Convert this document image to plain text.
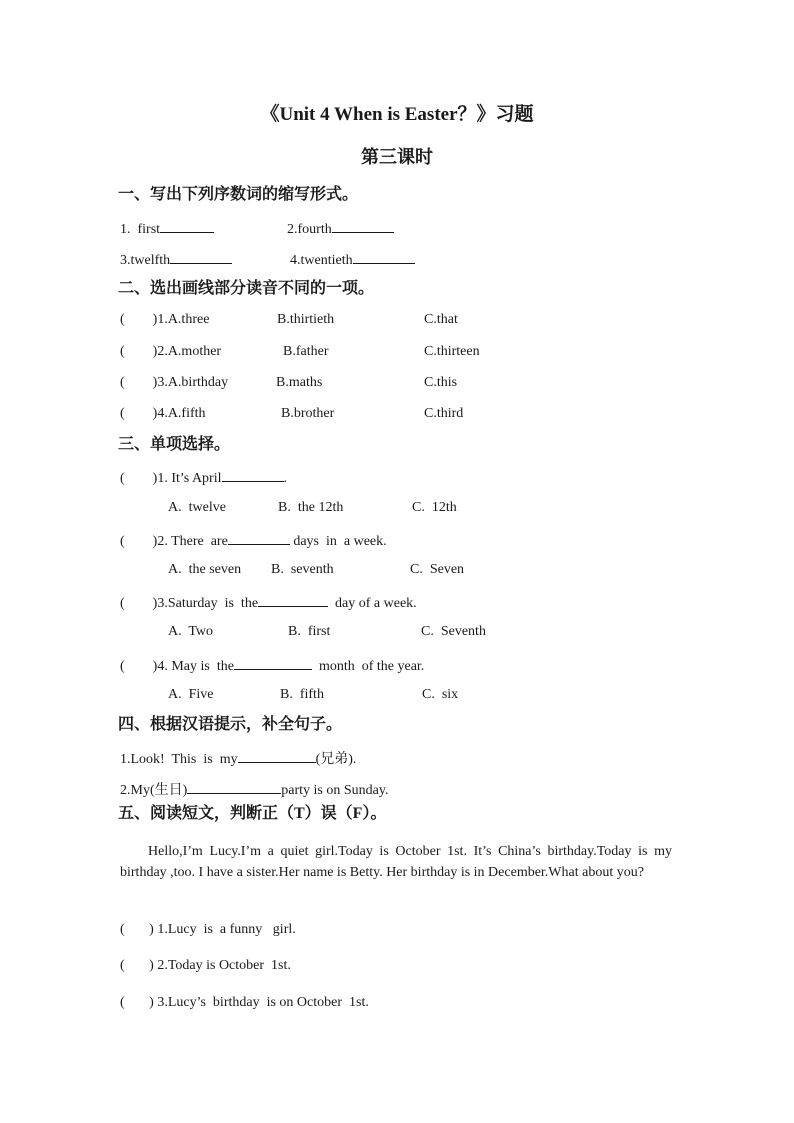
《Unit 4 When is Easter？》习题
第三课时
一、写出下列序数词的缩写形式。
1.  first	2.fourth
3.twelfth	4.twentieth
二、选出画线部分读音不同的一项。
(        )1.A.three	B.thirtieth	C.that
(        )2.A.mother	B.father	C.thirteen
(        )3.A.birthday	B.maths	C.this
(        )4.A.fifth	B.brother	C.third
三、单项选择。
(        )1. It’s April	.
A.  twelve	B.  the 12th	C.  12th
(        )2. There  are	days  in  a week.
A.  the seven B.  seventh	C.  Seven
(        )3.Saturday  is  the	day of a week.
A.  Two	B.  first	C.  Seventh
(        )4. May is  the	month  of the year.
A.  Five	B.  fifth	C.  six
四、根据汉语提示，补全句子。
1.Look!  This  is  my	(兄弟).
2.My(生日)	party is on Sunday.
五、阅读短文，判断正（T）误（F）。
Hello,I’m Lucy.I’m a quiet girl.Today is October 1st. It’s China’s birthday.Today is my birthday ,too. I have a sister.Her name is Betty. Her birthday is in December.What about you?
(       ) 1.Lucy  is  a funny   girl.
(       ) 2.Today is October  1st.
(       ) 3.Lucy’s  birthday  is on October  1st.
